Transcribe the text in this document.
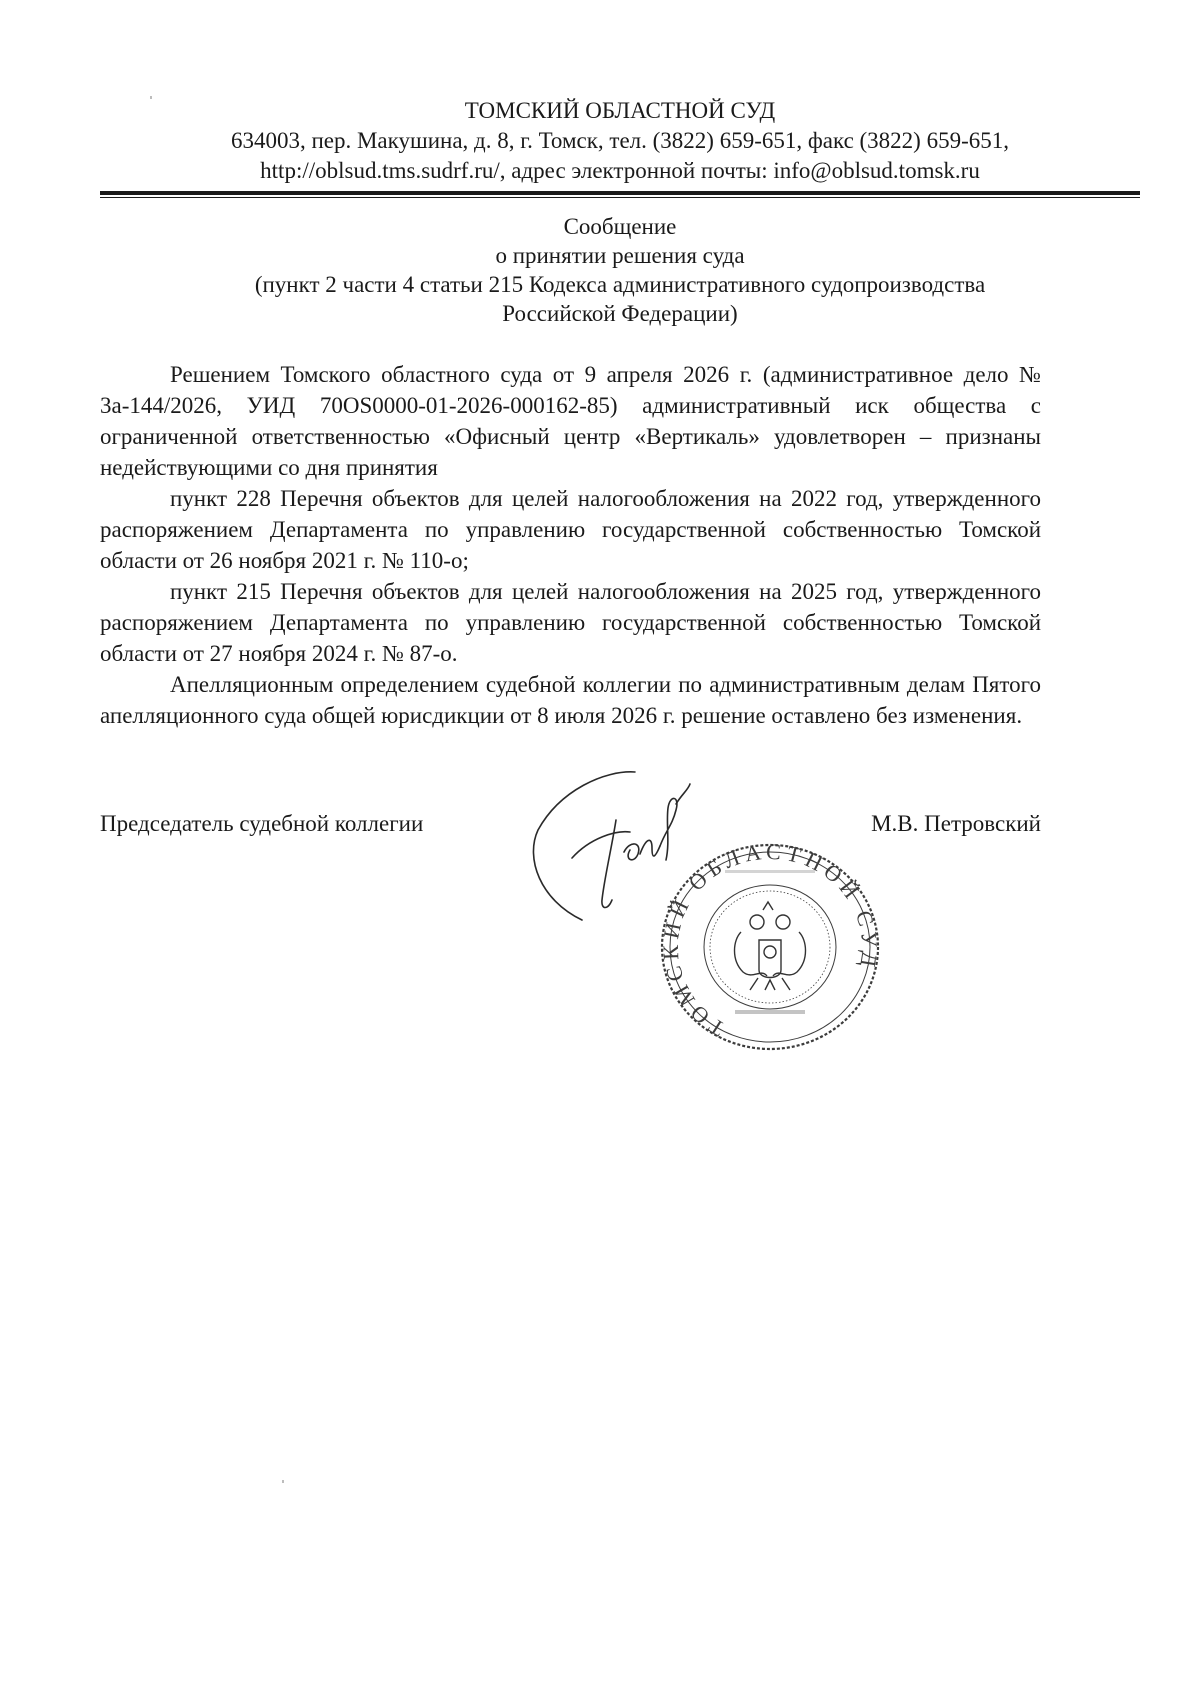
ТОМСКИЙ ОБЛАСТНОЙ СУД
634003, пер. Макушина, д. 8, г. Томск, тел. (3822) 659-651, факс (3822) 659-651,
http://oblsud.tms.sudrf.ru/, адрес электронной почты: info@oblsud.tomsk.ru
Сообщение
о принятии решения суда
(пункт 2 части 4 статьи 215 Кодекса административного судопроизводства
Российской Федерации)

Решением Томского областного суда от 9 апреля 2026 г. (административное дело № 3а-144/2026, УИД 70OS0000-01-2026-000162-85) административный иск общества с ограниченной ответственностью «Офисный центр «Вертикаль» удовлетворен – признаны недействующими со дня принятия

пункт 228 Перечня объектов для целей налогообложения на 2022 год, утвержденного распоряжением Департамента по управлению государственной собственностью Томской области от 26 ноября 2021 г. № 110-о;

пункт 215 Перечня объектов для целей налогообложения на 2025 год, утвержденного распоряжением Департамента по управлению государственной собственностью Томской области от 27 ноября 2024 г. № 87-о.

Апелляционным определением судебной коллегии по административным делам Пятого апелляционного суда общей юрисдикции от 8 июля 2026 г. решение оставлено без изменения.

Председатель судебной коллегии	М.В. Петровский
ТОМСКИЙ ОБЛАСТНОЙ СУД
